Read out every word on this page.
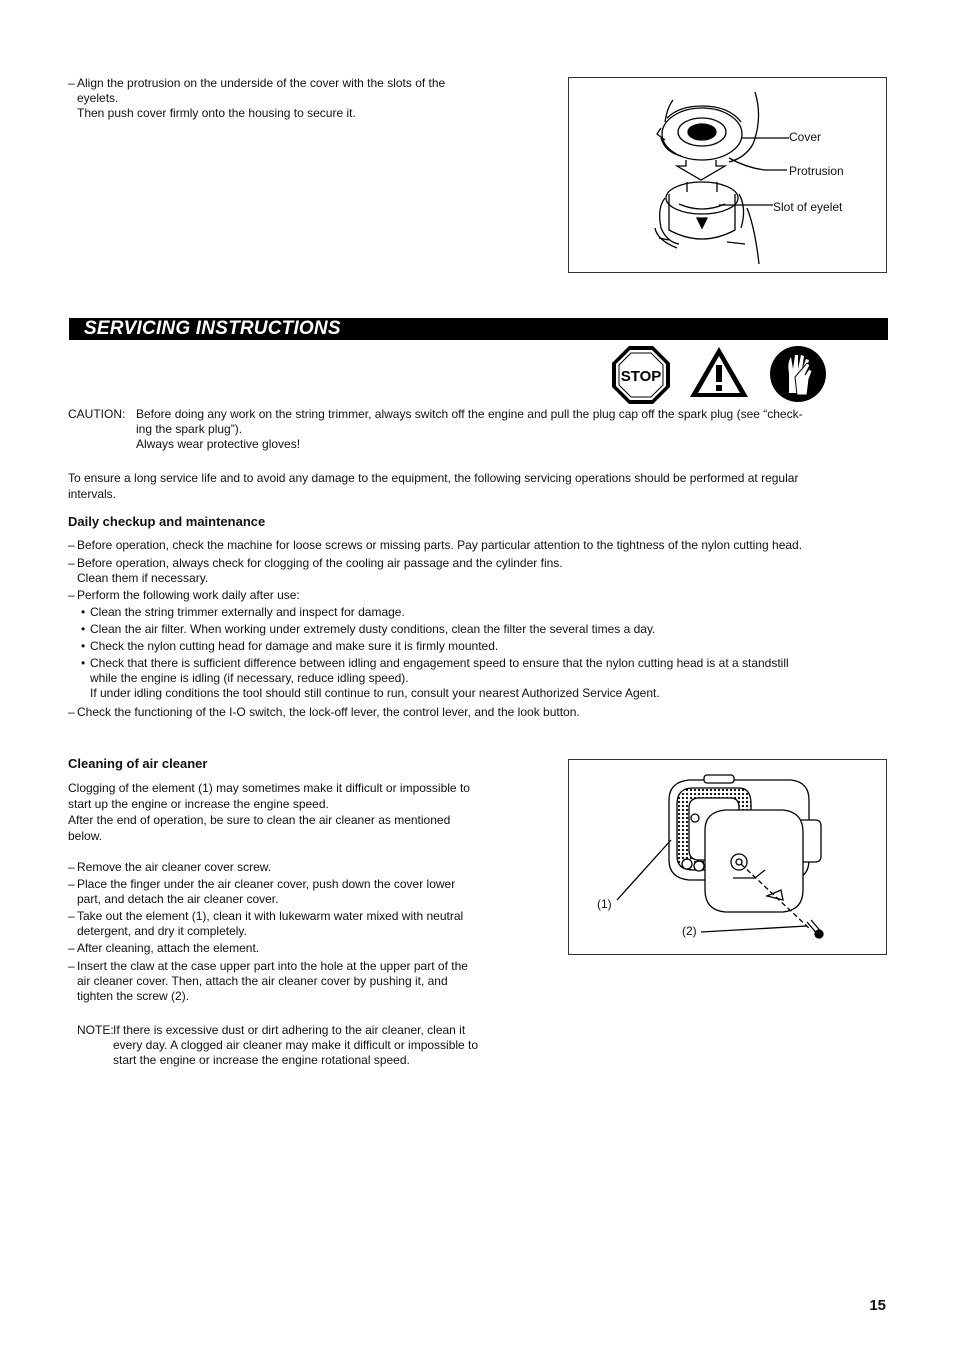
– Align the protrusion on the underside of the cover with the slots of the
eyelets.
Then push cover firmly onto the housing to secure it.
Cover
Protrusion
Slot of eyelet
SERVICING INSTRUCTIONS
STOP
CAUTION: Before doing any work on the string trimmer, always switch off the engine and pull the plug cap off the spark plug (see “check-
ing the spark plug”).
Always wear protective gloves!
To ensure a long service life and to avoid any damage to the equipment, the following servicing operations should be performed at regular
intervals.
Daily checkup and maintenance
– Before operation, check the machine for loose screws or missing parts. Pay particular attention to the tightness of the nylon cutting head.
– Before operation, always check for clogging of the cooling air passage and the cylinder fins.
Clean them if necessary.
– Perform the following work daily after use:
• Clean the string trimmer externally and inspect for damage.
• Clean the air filter. When working under extremely dusty conditions, clean the filter the several times a day.
• Check the nylon cutting head for damage and make sure it is firmly mounted.
• Check that there is sufficient difference between idling and engagement speed to ensure that the nylon cutting head is at a standstill
while the engine is idling (if necessary, reduce idling speed).
If under idling conditions the tool should still continue to run, consult your nearest Authorized Service Agent.
– Check the functioning of the I-O switch, the lock-off lever, the control lever, and the look button.
Cleaning of air cleaner
Clogging of the element (1) may sometimes make it difficult or impossible to
start up the engine or increase the engine speed.
After the end of operation, be sure to clean the air cleaner as mentioned
below.
– Remove the air cleaner cover screw.
– Place the finger under the air cleaner cover, push down the cover lower
part, and detach the air cleaner cover.
– Take out the element (1), clean it with lukewarm water mixed with neutral
detergent, and dry it completely.
– After cleaning, attach the element.
– Insert the claw at the case upper part into the hole at the upper part of the
air cleaner cover. Then, attach the air cleaner cover by pushing it, and
tighten the screw (2).
NOTE: If there is excessive dust or dirt adhering to the air cleaner, clean it
every day. A clogged air cleaner may make it difficult or impossible to
start the engine or increase the engine rotational speed.
(1)
(2)
15
